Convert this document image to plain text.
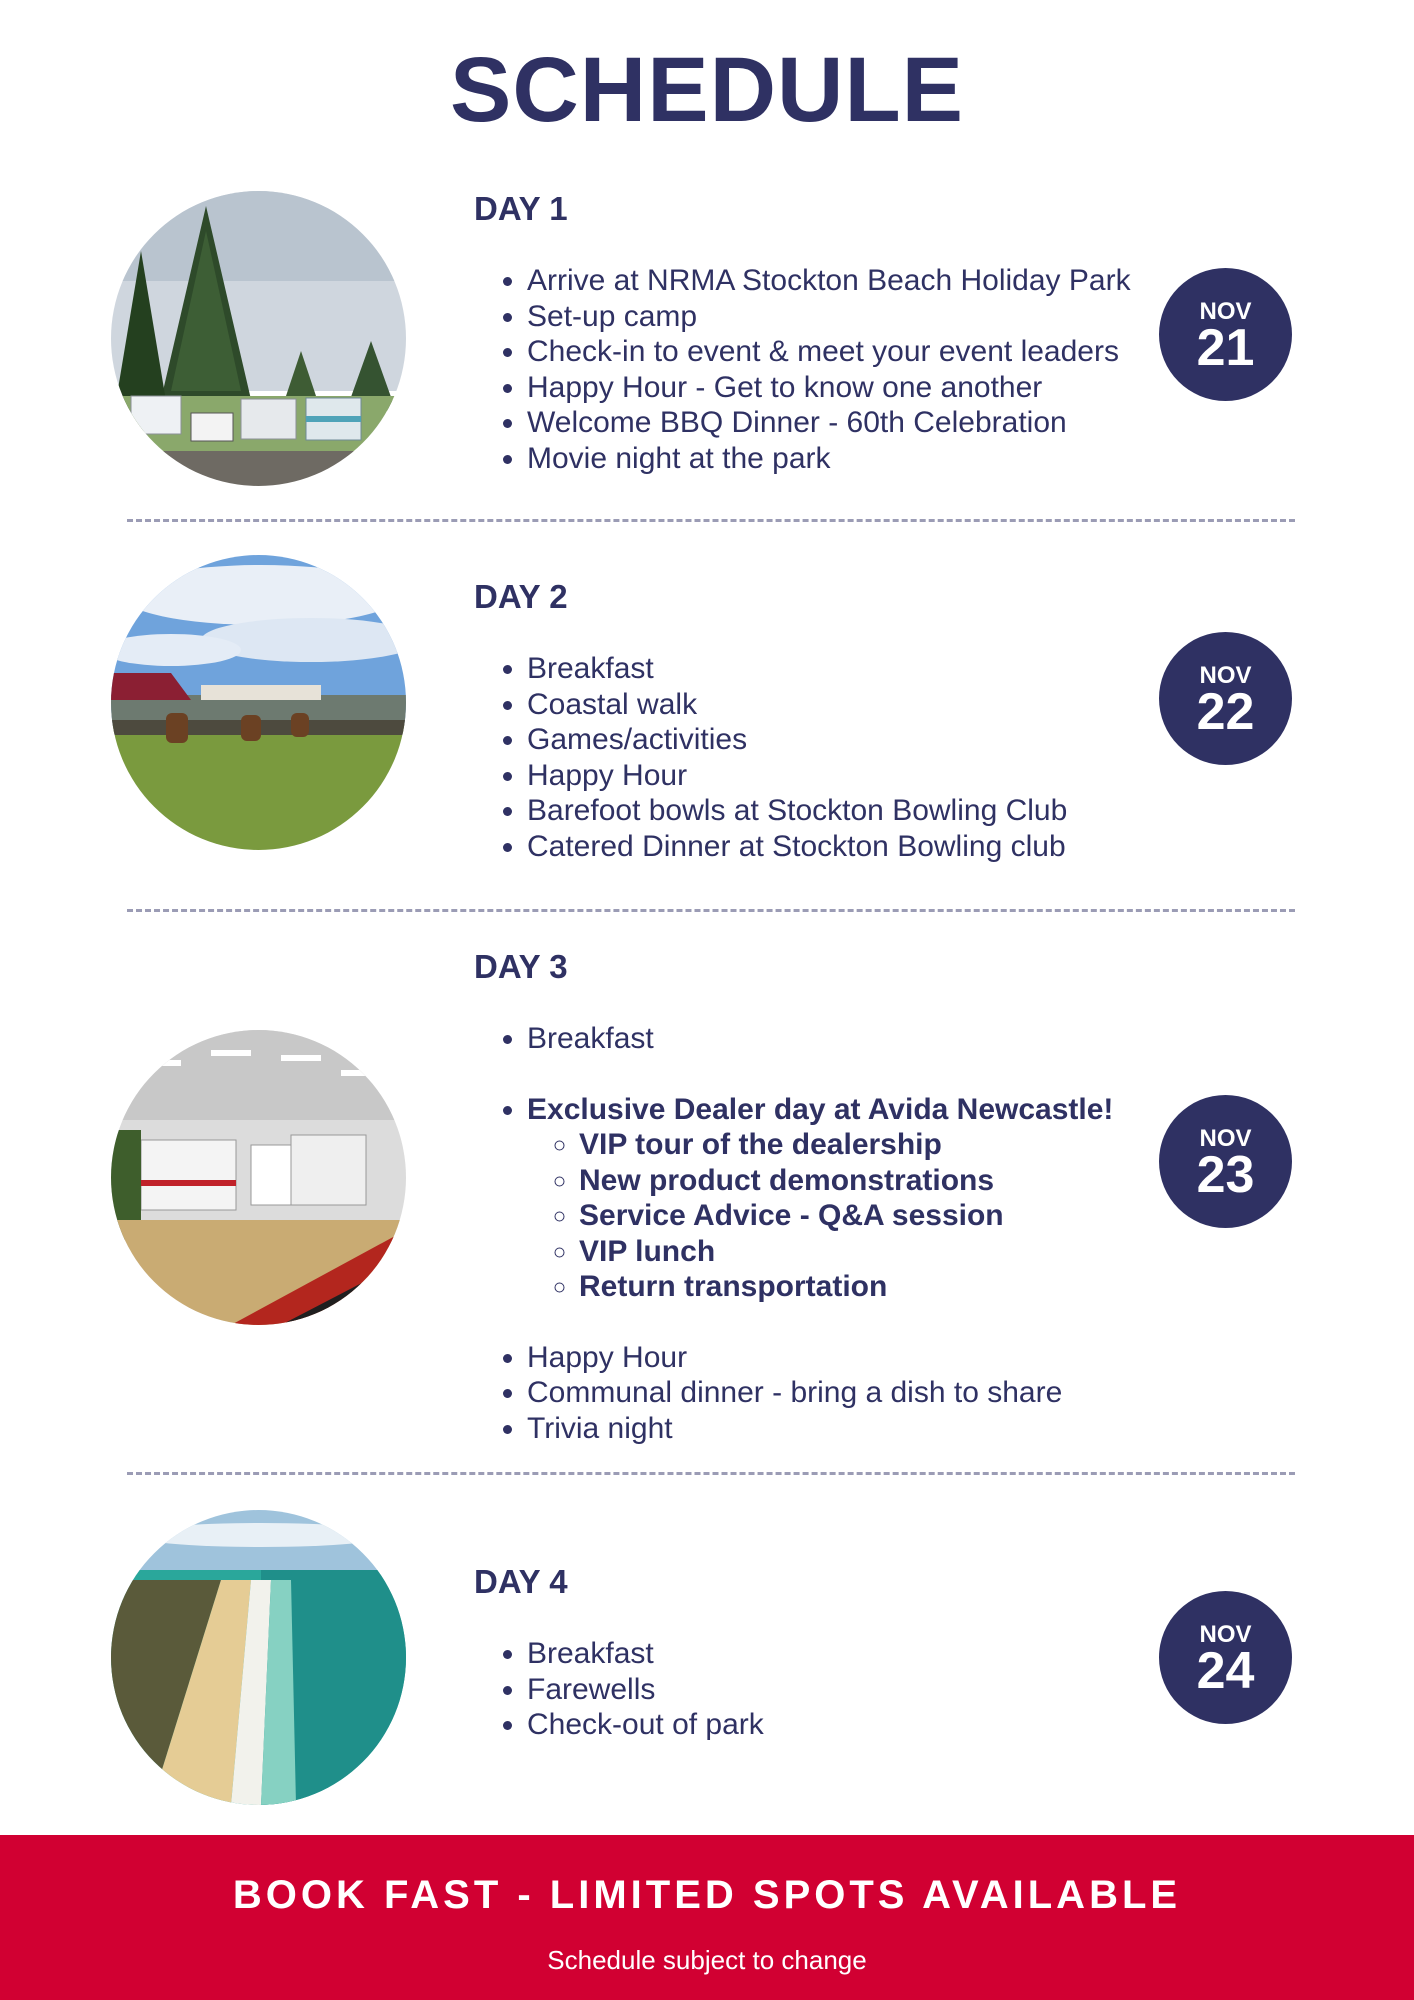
SCHEDULE
DAY 1
• Arrive at NRMA Stockton Beach Holiday Park
• Set-up camp
• Check-in to event & meet your event leaders
• Happy Hour - Get to know one another
• Welcome BBQ Dinner - 60th Celebration
• Movie night at the park
NOV
21
DAY 2
• Breakfast
• Coastal walk
• Games/activities
• Happy Hour
• Barefoot bowls at Stockton Bowling Club
• Catered Dinner at Stockton Bowling club
NOV
22
DAY 3
• Breakfast
• Exclusive Dealer day at Avida Newcastle!
◦ VIP tour of the dealership
◦ New product demonstrations
◦ Service Advice - Q&A session
◦ VIP lunch
◦ Return transportation
• Happy Hour
• Communal dinner - bring a dish to share
• Trivia night
NOV
23
DAY 4
• Breakfast
• Farewells
• Check-out of park
NOV
24
BOOK FAST - LIMITED SPOTS AVAILABLE
Schedule subject to change
